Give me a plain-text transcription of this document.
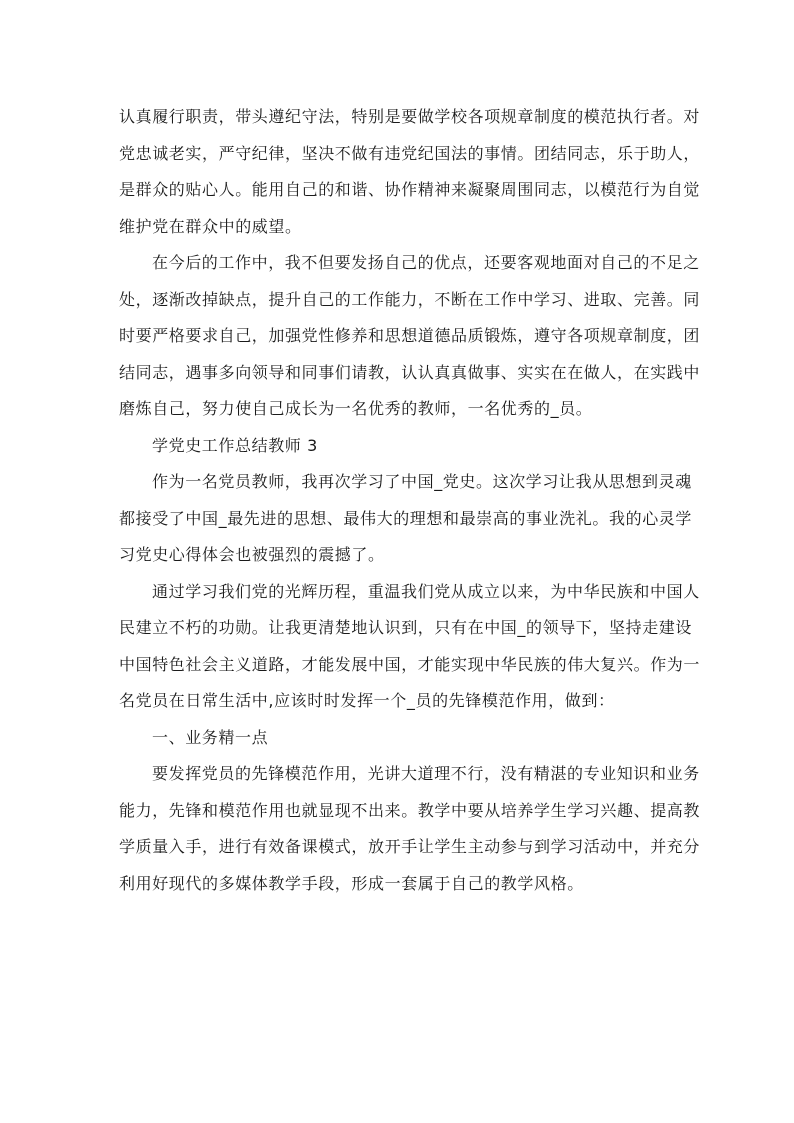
认真履行职责，带头遵纪守法，特别是要做学校各项规章制度的模范执行者。对
党忠诚老实，严守纪律，坚决不做有违党纪国法的事情。团结同志，乐于助人，
是群众的贴心人。能用自己的和谐、协作精神来凝聚周围同志，以模范行为自觉
维护党在群众中的威望。

在今后的工作中，我不但要发扬自己的优点，还要客观地面对自己的不足之
处，逐渐改掉缺点，提升自己的工作能力，不断在工作中学习、进取、完善。同
时要严格要求自己，加强党性修养和思想道德品质锻炼，遵守各项规章制度，团
结同志，遇事多向领导和同事们请教，认认真真做事、实实在在做人，在实践中
磨炼自己，努力使自己成长为一名优秀的教师，一名优秀的_员。

学党史工作总结教师 3

作为一名党员教师，我再次学习了中国_党史。这次学习让我从思想到灵魂
都接受了中国_最先进的思想、最伟大的理想和最崇高的事业洗礼。我的心灵学
习党史心得体会也被强烈的震撼了。

通过学习我们党的光辉历程，重温我们党从成立以来，为中华民族和中国人
民建立不朽的功勋。让我更清楚地认识到，只有在中国_的领导下，坚持走建设
中国特色社会主义道路，才能发展中国，才能实现中华民族的伟大复兴。作为一
名党员在日常生活中,应该时时发挥一个_员的先锋模范作用，做到：

一、业务精一点

要发挥党员的先锋模范作用，光讲大道理不行，没有精湛的专业知识和业务
能力，先锋和模范作用也就显现不出来。教学中要从培养学生学习兴趣、提高教
学质量入手，进行有效备课模式，放开手让学生主动参与到学习活动中，并充分
利用好现代的多媒体教学手段，形成一套属于自己的教学风格。
